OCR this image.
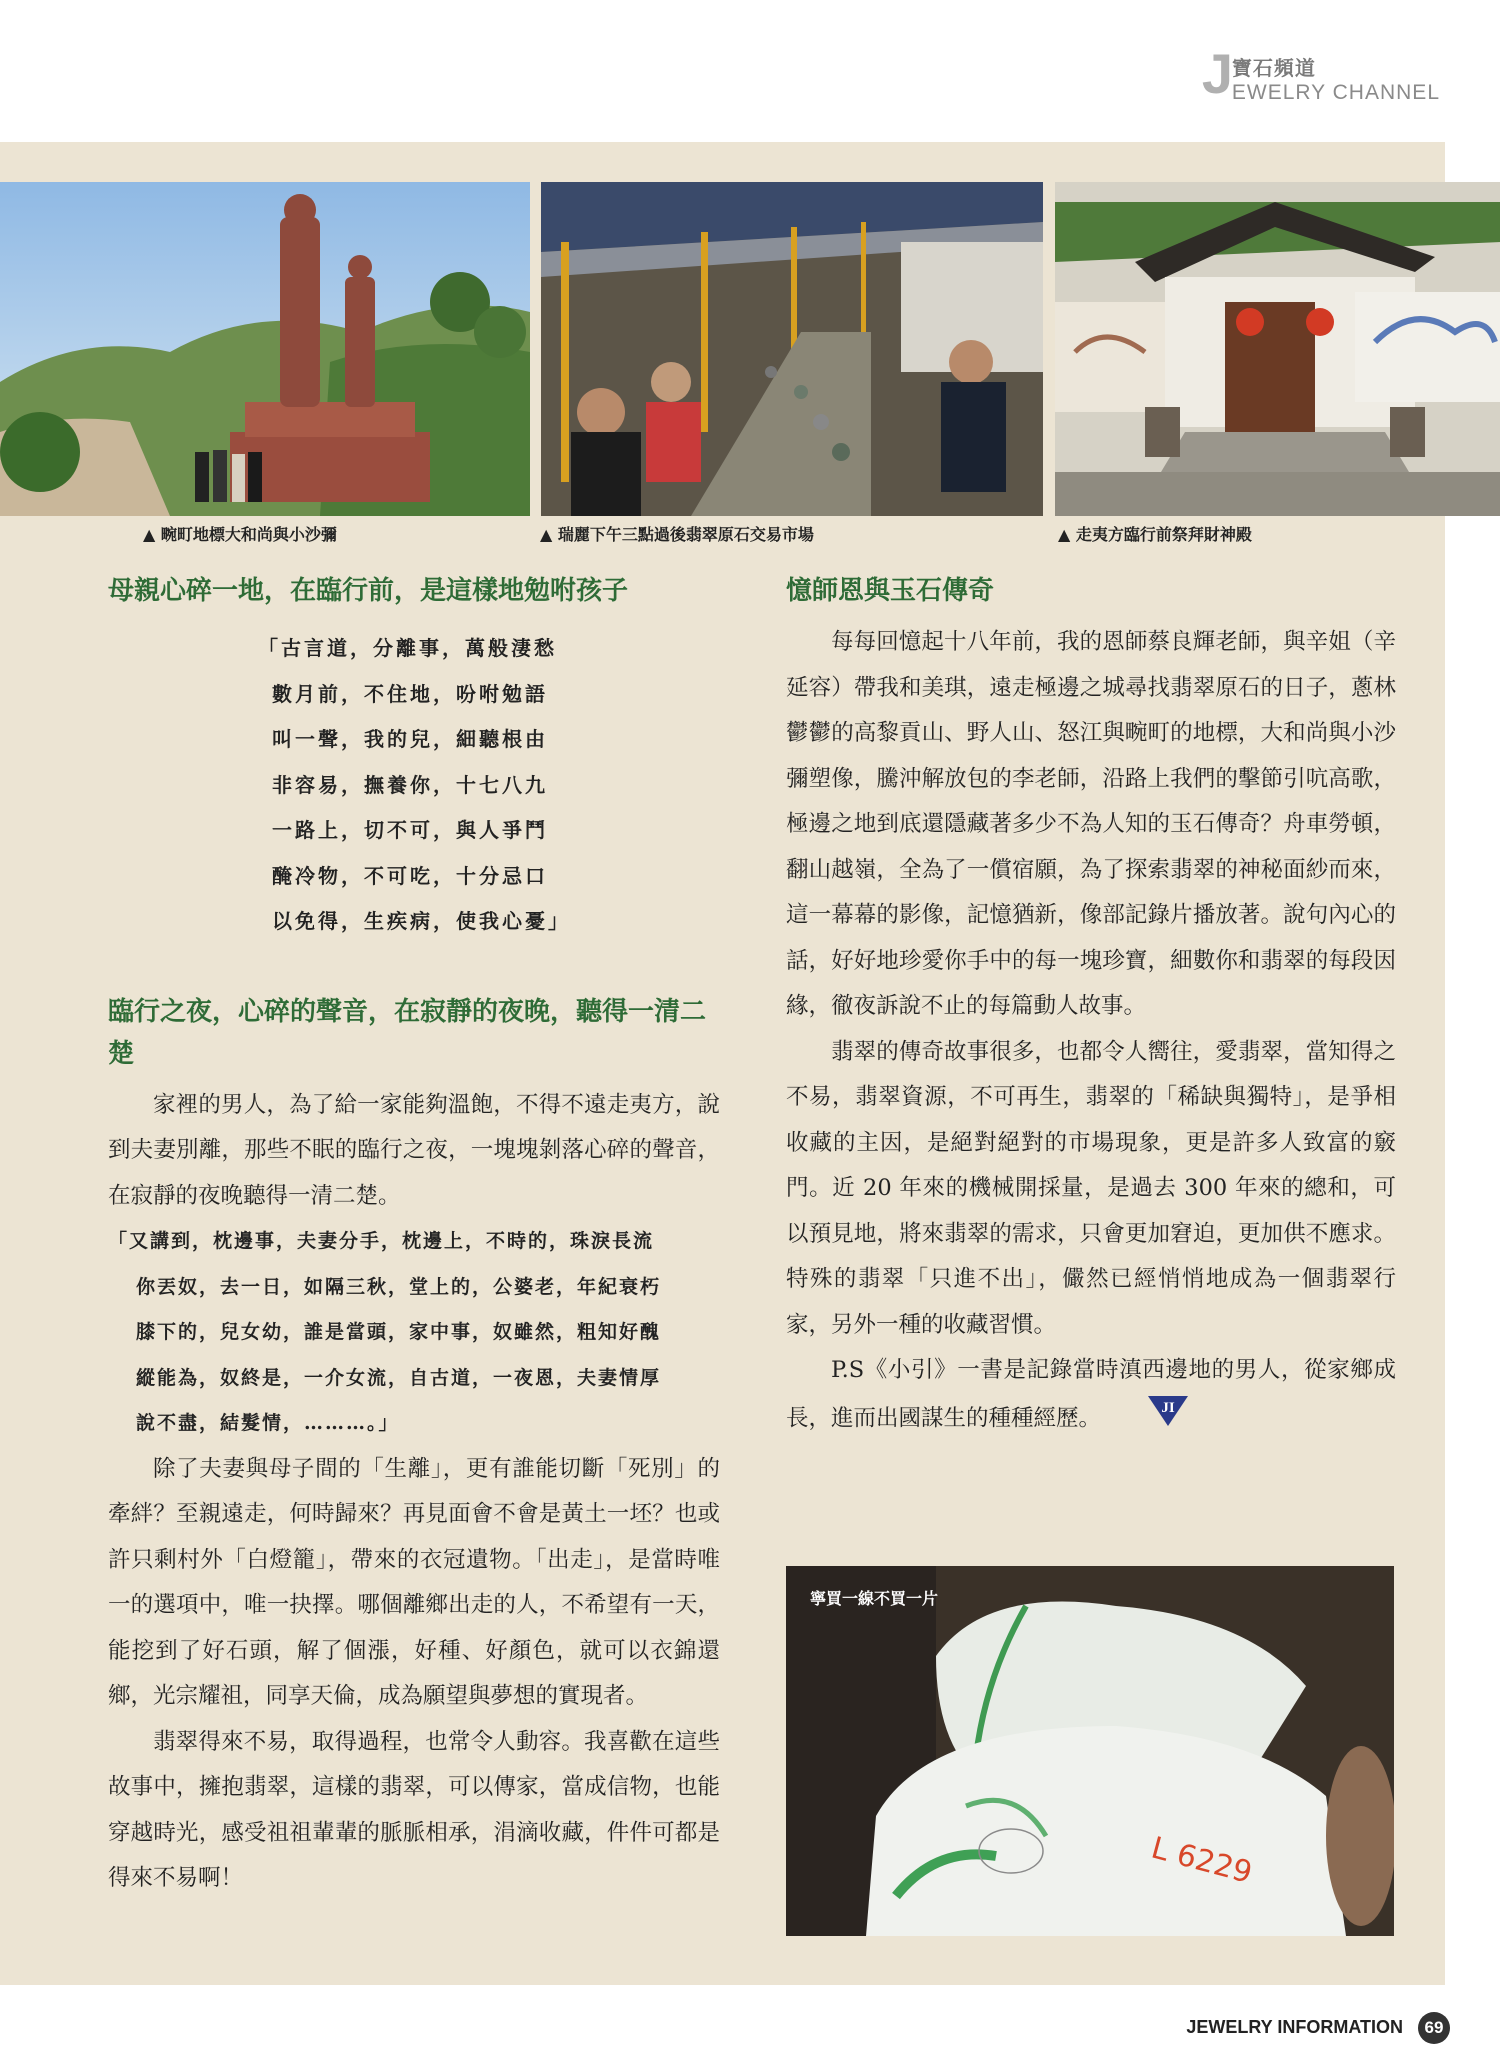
J
寶石頻道
EWELRY CHANNEL
▲ 畹町地標大和尚與小沙彌	▲ 瑞麗下午三點過後翡翠原石交易市場	▲ 走夷方臨行前祭拜財神殿
母親心碎一地，在臨行前，是這樣地勉咐孩子
「古言道，分離事，萬般淒愁
數月前，不住地，吩咐勉語
叫一聲，我的兒，細聽根由
非容易，撫養你，十七八九
一路上，切不可，與人爭鬥
醃冷物，不可吃，十分忌口
以免得，生疾病，使我心憂」
臨行之夜，心碎的聲音，在寂靜的夜晚，聽得一清二楚

家裡的男人，為了給一家能夠溫飽，不得不遠走夷方，說到夫妻別離，那些不眠的臨行之夜，一塊塊剝落心碎的聲音，在寂靜的夜晚聽得一清二楚。

「又講到，枕邊事，夫妻分手，枕邊上，不時的，珠淚長流
你丟奴，去一日，如隔三秋，堂上的，公婆老，年紀衰朽
膝下的，兒女幼，誰是當頭，家中事，奴雖然，粗知好醜
縱能為，奴終是，一介女流，自古道，一夜恩，夫妻情厚
說不盡，結髮情，………。」

除了夫妻與母子間的「生離」，更有誰能切斷「死別」的牽絆？至親遠走，何時歸來？再見面會不會是黃土一坯？也或許只剩村外「白燈籠」，帶來的衣冠遺物。「出走」，是當時唯一的選項中，唯一抉擇。哪個離鄉出走的人，不希望有一天，能挖到了好石頭，解了個漲，好種、好顏色，就可以衣錦還鄉，光宗耀祖，同享天倫，成為願望與夢想的實現者。

翡翠得來不易，取得過程，也常令人動容。我喜歡在這些故事中，擁抱翡翠，這樣的翡翠，可以傳家，當成信物，也能穿越時光，感受祖祖輩輩的脈脈相承，涓滴收藏，件件可都是得來不易啊！

憶師恩與玉石傳奇

每每回憶起十八年前，我的恩師蔡良輝老師，與辛姐（辛延容）帶我和美琪，遠走極邊之城尋找翡翠原石的日子，蔥林鬱鬱的高黎貢山、野人山、怒江與畹町的地標，大和尚與小沙彌塑像，騰沖解放包的李老師，沿路上我們的擊節引吭高歌，極邊之地到底還隱藏著多少不為人知的玉石傳奇？舟車勞頓，翻山越嶺，全為了一償宿願，為了探索翡翠的神秘面紗而來，這一幕幕的影像，記憶猶新，像部記錄片播放著。說句內心的話，好好地珍愛你手中的每一塊珍寶，細數你和翡翠的每段因緣，徹夜訴說不止的每篇動人故事。

翡翠的傳奇故事很多，也都令人嚮往，愛翡翠，當知得之不易，翡翠資源，不可再生，翡翠的「稀缺與獨特」，是爭相收藏的主因，是絕對絕對的市場現象，更是許多人致富的竅門。近 20 年來的機械開採量，是過去 300 年來的總和，可以預見地，將來翡翠的需求，只會更加窘迫，更加供不應求。特殊的翡翠「只進不出」，儼然已經悄悄地成為一個翡翠行家，另外一種的收藏習慣。

P.S《小引》一書是記錄當時滇西邊地的男人，從家鄉成長，進而出國謀生的種種經歷。	JI

L 6229
寧買一線不買一片
JEWELRY INFORMATION 69
